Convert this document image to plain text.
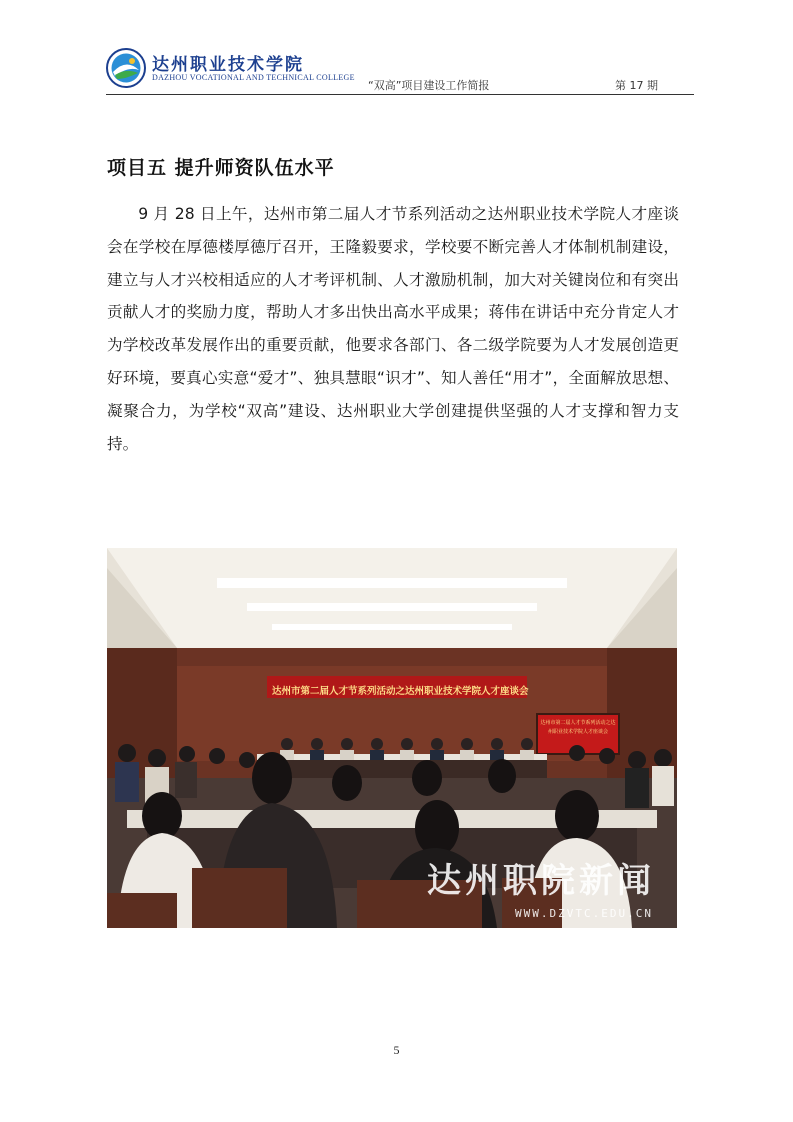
达州职业技术学院
DAZHOU VOCATIONAL AND TECHNICAL COLLEGE
“双高”项目建设工作简报	第 17 期
项目五 提升师资队伍水平

9 月 28 日上午，达州市第二届人才节系列活动之达州职业技术学院人才座谈会在学校在厚德楼厚德厅召开，王隆毅要求，学校要不断完善人才体制机制建设，建立与人才兴校相适应的人才考评机制、人才激励机制，加大对关键岗位和有突出贡献人才的奖励力度，帮助人才多出快出高水平成果；蒋伟在讲话中充分肯定人才为学校改革发展作出的重要贡献，他要求各部门、各二级学院要为人才发展创造更好环境，要真心实意“爱才”、独具慧眼“识才”、知人善任“用才”，全面解放思想、凝聚合力，为学校“双高”建设、达州职业大学创建提供坚强的人才支撑和智力支持。

达州市第二届人才节系列活动之达州职业技术学院人才座谈会
达州市第二届人才节系列活动之达州职业技术学院人才座谈会
达州职院新闻
WWW.DZVTC.EDU.CN
5
